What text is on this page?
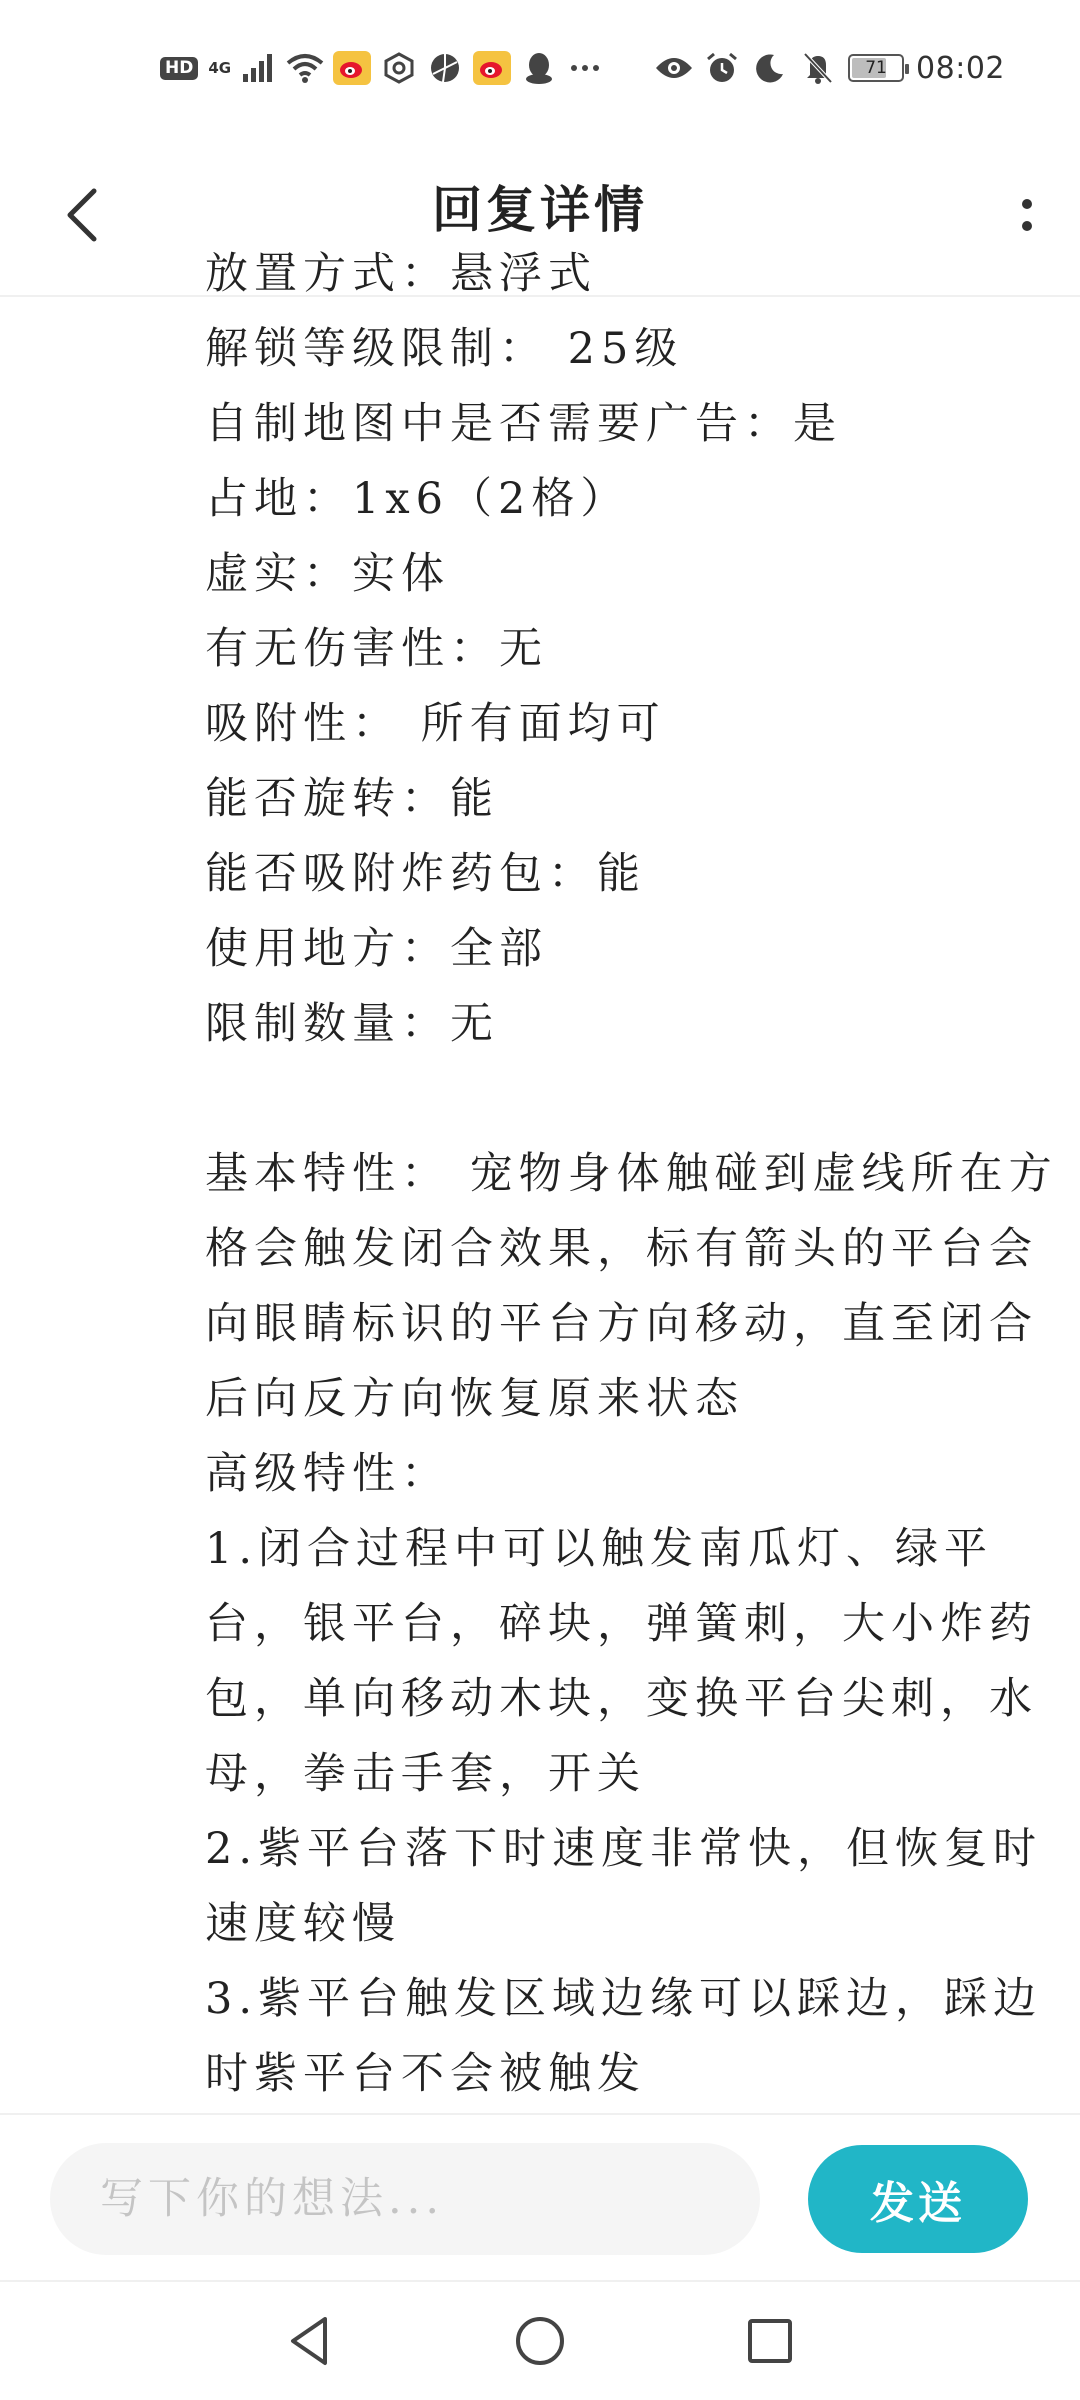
HD	4G	71 08:02
回复详情
放置方式：悬浮式
解锁等级限制： 25级
自制地图中是否需要广告：是
占地：1x6（2格）
虚实：实体
有无伤害性：无
吸附性： 所有面均可
能否旋转：能
能否吸附炸药包：能
使用地方：全部
限制数量：无
基本特性： 宠物身体触碰到虚线所在方
格会触发闭合效果，标有箭头的平台会
向眼睛标识的平台方向移动，直至闭合
后向反方向恢复原来状态
高级特性：
1.闭合过程中可以触发南瓜灯、绿平
台，银平台，碎块，弹簧刺，大小炸药
包，单向移动木块，变换平台尖刺，水
母，拳击手套，开关
2.紫平台落下时速度非常快，但恢复时
速度较慢
3.紫平台触发区域边缘可以踩边，踩边
时紫平台不会被触发
写下你的想法...
发送
